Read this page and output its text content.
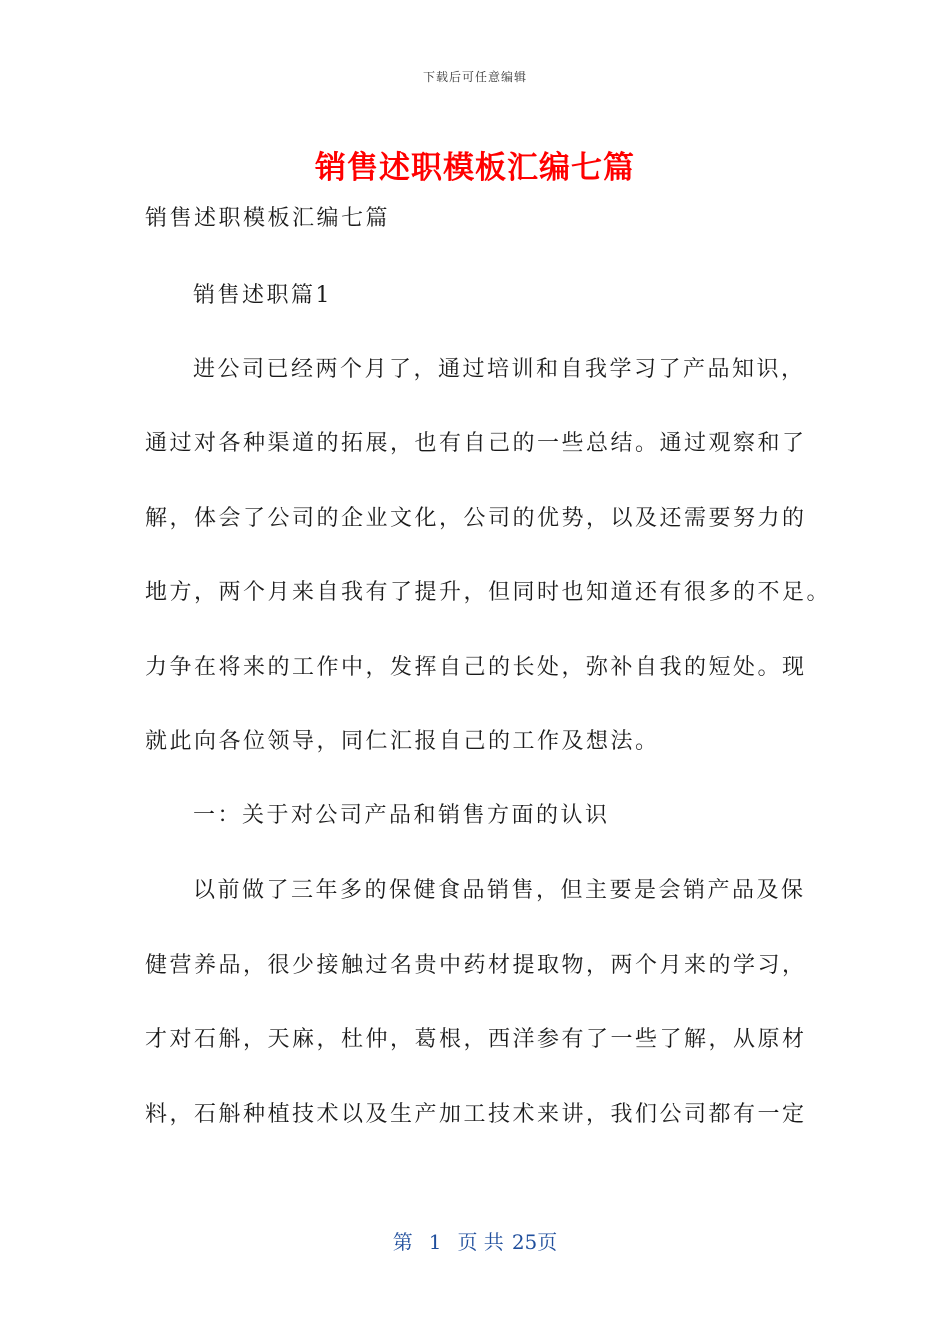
下载后可任意编辑
销售述职模板汇编七篇
销售述职模板汇编七篇
销售述职篇1
进公司已经两个月了，通过培训和自我学习了产品知识，
通过对各种渠道的拓展，也有自己的一些总结。通过观察和了
解，体会了公司的企业文化，公司的优势，以及还需要努力的
地方，两个月来自我有了提升，但同时也知道还有很多的不足。
力争在将来的工作中，发挥自己的长处，弥补自我的短处。现
就此向各位领导，同仁汇报自己的工作及想法。
一：关于对公司产品和销售方面的认识
以前做了三年多的保健食品销售，但主要是会销产品及保
健营养品，很少接触过名贵中药材提取物，两个月来的学习，
才对石斛，天麻，杜仲，葛根，西洋参有了一些了解，从原材
料，石斛种植技术以及生产加工技术来讲，我们公司都有一定
第 1 页 共 25页
